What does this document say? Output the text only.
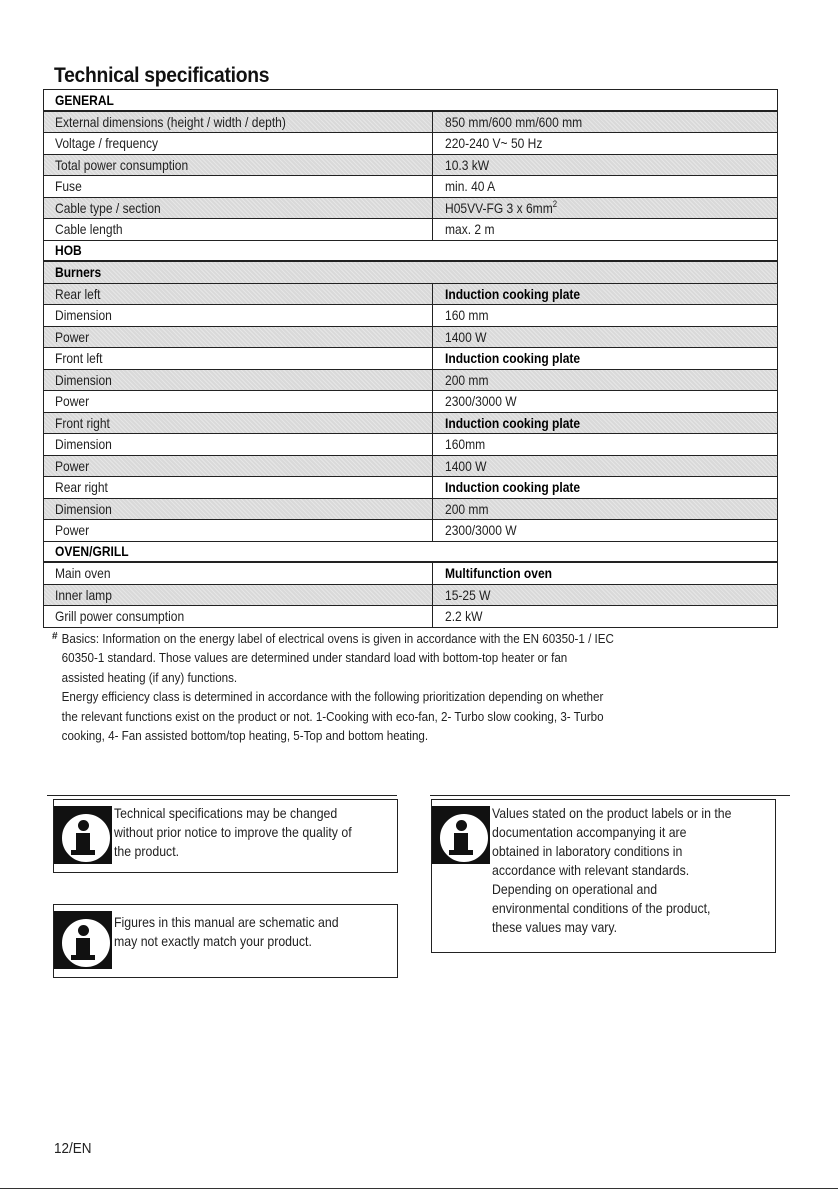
Technical specifications
GENERAL
External dimensions (height / width / depth)	850 mm/600 mm/600 mm
Voltage / frequency	220-240 V~ 50 Hz
Total power consumption	10.3 kW
Fuse	min. 40 A
Cable type / section	H05VV-FG 3 x $6mm^2$
Cable length	max. 2 m
HOB
Burners
Rear left	Induction cooking plate
Dimension	160 mm
Power	1400 W
Front left	Induction cooking plate
Dimension	200 mm
Power	2300/3000 W
Front right	Induction cooking plate
Dimension	160mm
Power	1400 W
Rear right	Induction cooking plate
Dimension	200 mm
Power	2300/3000 W
OVEN/GRILL
Main oven	Multifunction oven
Inner lamp	15-25 W
Grill power consumption	2.2 kW
# Basics: Information on the energy label of electrical ovens is given in accordance with the EN 60350-1 / IEC

60350-1 standard. Those values are determined under standard load with bottom-top heater or fan

assisted heating (if any) functions.

Energy efficiency class is determined in accordance with the following prioritization depending on whether

the relevant functions exist on the product or not. 1-Cooking with eco-fan, 2- Turbo slow cooking, 3- Turbo

cooking, 4- Fan assisted bottom/top heating, 5-Top and bottom heating.

Technical specifications may be changed
without prior notice to improve the quality of
the product.
Figures in this manual are schematic and
may not exactly match your product.
Values stated on the product labels or in the
documentation accompanying it are
obtained in laboratory conditions in
accordance with relevant standards.
Depending on operational and
environmental conditions of the product,
these values may vary.
12/EN
